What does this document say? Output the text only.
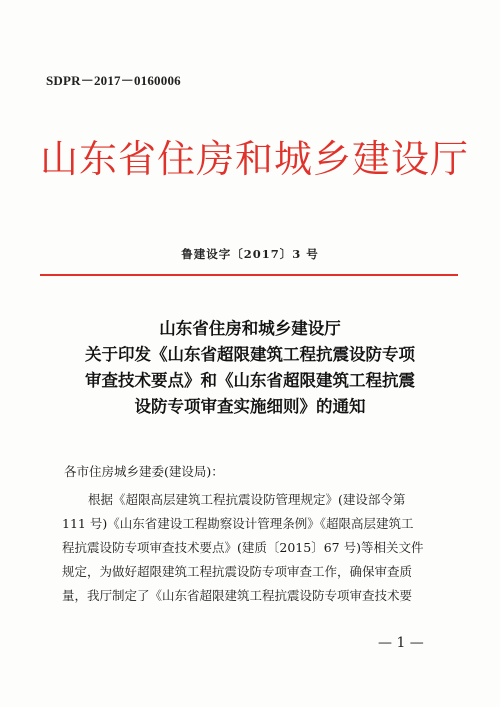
SDPR－2017－0160006
山东省住房和城乡建设厅
鲁建设字〔2017〕3 号
山东省住房和城乡建设厅
关于印发《山东省超限建筑工程抗震设防专项
审查技术要点》和《山东省超限建筑工程抗震
设防专项审查实施细则》的通知
各市住房城乡建委(建设局)：
根据《超限高层建筑工程抗震设防管理规定》(建设部令第
111 号)《山东省建设工程勘察设计管理条例》《超限高层建筑工
程抗震设防专项审查技术要点》(建质〔2015〕67 号)等相关文件
规定，为做好超限建筑工程抗震设防专项审查工作，确保审查质
量，我厅制定了《山东省超限建筑工程抗震设防专项审查技术要
— 1 —
